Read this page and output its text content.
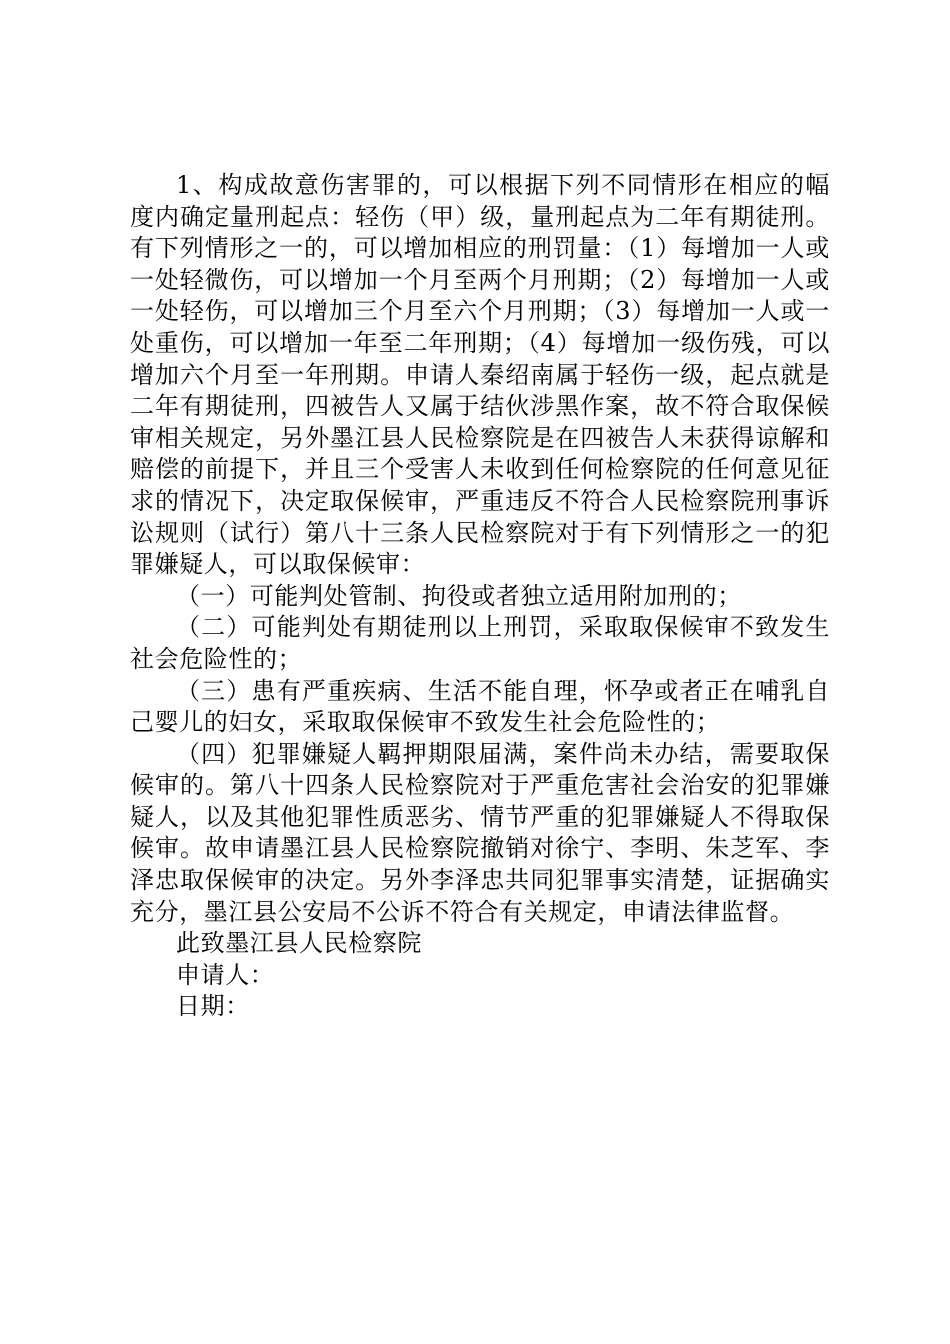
1、构成故意伤害罪的，可以根据下列不同情形在相应的幅度内确定量刑起点：轻伤（甲）级，量刑起点为二年有期徒刑。有下列情形之一的，可以增加相应的刑罚量：（1）每增加一人或一处轻微伤，可以增加一个月至两个月刑期；（2）每增加一人或一处轻伤，可以增加三个月至六个月刑期；（3）每增加一人或一处重伤，可以增加一年至二年刑期；（4）每增加一级伤残，可以增加六个月至一年刑期。申请人秦绍南属于轻伤一级，起点就是二年有期徒刑，四被告人又属于结伙涉黑作案，故不符合取保候审相关规定，另外墨江县人民检察院是在四被告人未获得谅解和赔偿的前提下，并且三个受害人未收到任何检察院的任何意见征求的情况下，决定取保候审，严重违反不符合人民检察院刑事诉讼规则（试行）第八十三条人民检察院对于有下列情形之一的犯罪嫌疑人，可以取保候审：

（一）可能判处管制、拘役或者独立适用附加刑的；

（二）可能判处有期徒刑以上刑罚，采取取保候审不致发生社会危险性的；

（三）患有严重疾病、生活不能自理，怀孕或者正在哺乳自己婴儿的妇女，采取取保候审不致发生社会危险性的；

（四）犯罪嫌疑人羁押期限届满，案件尚未办结，需要取保候审的。第八十四条人民检察院对于严重危害社会治安的犯罪嫌疑人，以及其他犯罪性质恶劣、情节严重的犯罪嫌疑人不得取保候审。故申请墨江县人民检察院撤销对徐宁、李明、朱芝军、李泽忠取保候审的决定。另外李泽忠共同犯罪事实清楚，证据确实充分，墨江县公安局不公诉不符合有关规定，申请法律监督。

此致墨江县人民检察院

申请人：

日期：
